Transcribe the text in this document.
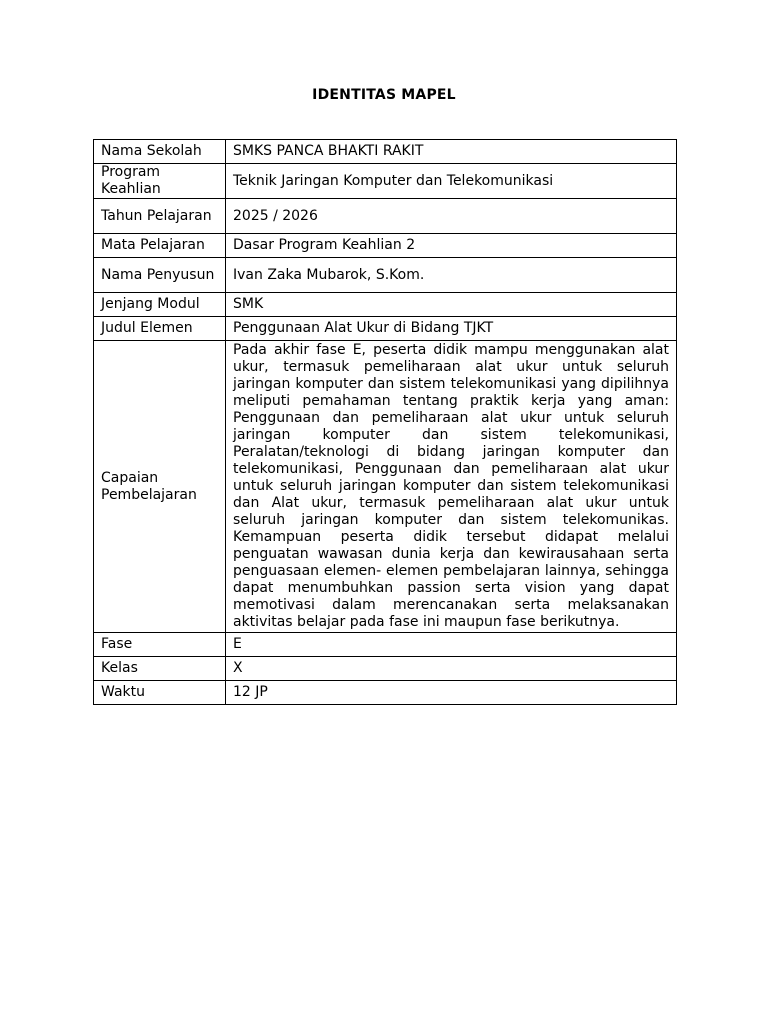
IDENTITAS MAPEL
Nama Sekolah	SMKS PANCA BHAKTI RAKIT
Program Keahlian	Teknik Jaringan Komputer dan Telekomunikasi
Tahun Pelajaran	2025 / 2026
Mata Pelajaran	Dasar Program Keahlian 2
Nama Penyusun	Ivan Zaka Mubarok, S.Kom.
Jenjang Modul	SMK
Judul Elemen	Penggunaan Alat Ukur di Bidang TJKT
Capaian Pembelajaran	Pada akhir fase E, peserta didik mampu menggunakan alat ukur, termasuk pemeliharaan alat ukur untuk seluruh jaringan komputer dan sistem telekomunikasi yang dipilihnya meliputi pemahaman tentang praktik kerja yang aman: Penggunaan dan pemeliharaan alat ukur untuk seluruh jaringan komputer dan sistem telekomunikasi, Peralatan/teknologi di bidang jaringan komputer dan telekomunikasi, Penggunaan dan pemeliharaan alat ukur untuk seluruh jaringan komputer dan sistem telekomunikasi dan Alat ukur, termasuk pemeliharaan alat ukur untuk seluruh jaringan komputer dan sistem telekomunikas. Kemampuan peserta didik tersebut didapat melalui penguatan wawasan dunia kerja dan kewirausahaan serta penguasaan elemen- elemen pembelajaran lainnya, sehingga dapat menumbuhkan passion serta vision yang dapat memotivasi dalam merencanakan serta melaksanakan aktivitas belajar pada fase ini maupun fase berikutnya.
Fase	E
Kelas	X
Waktu	12 JP
